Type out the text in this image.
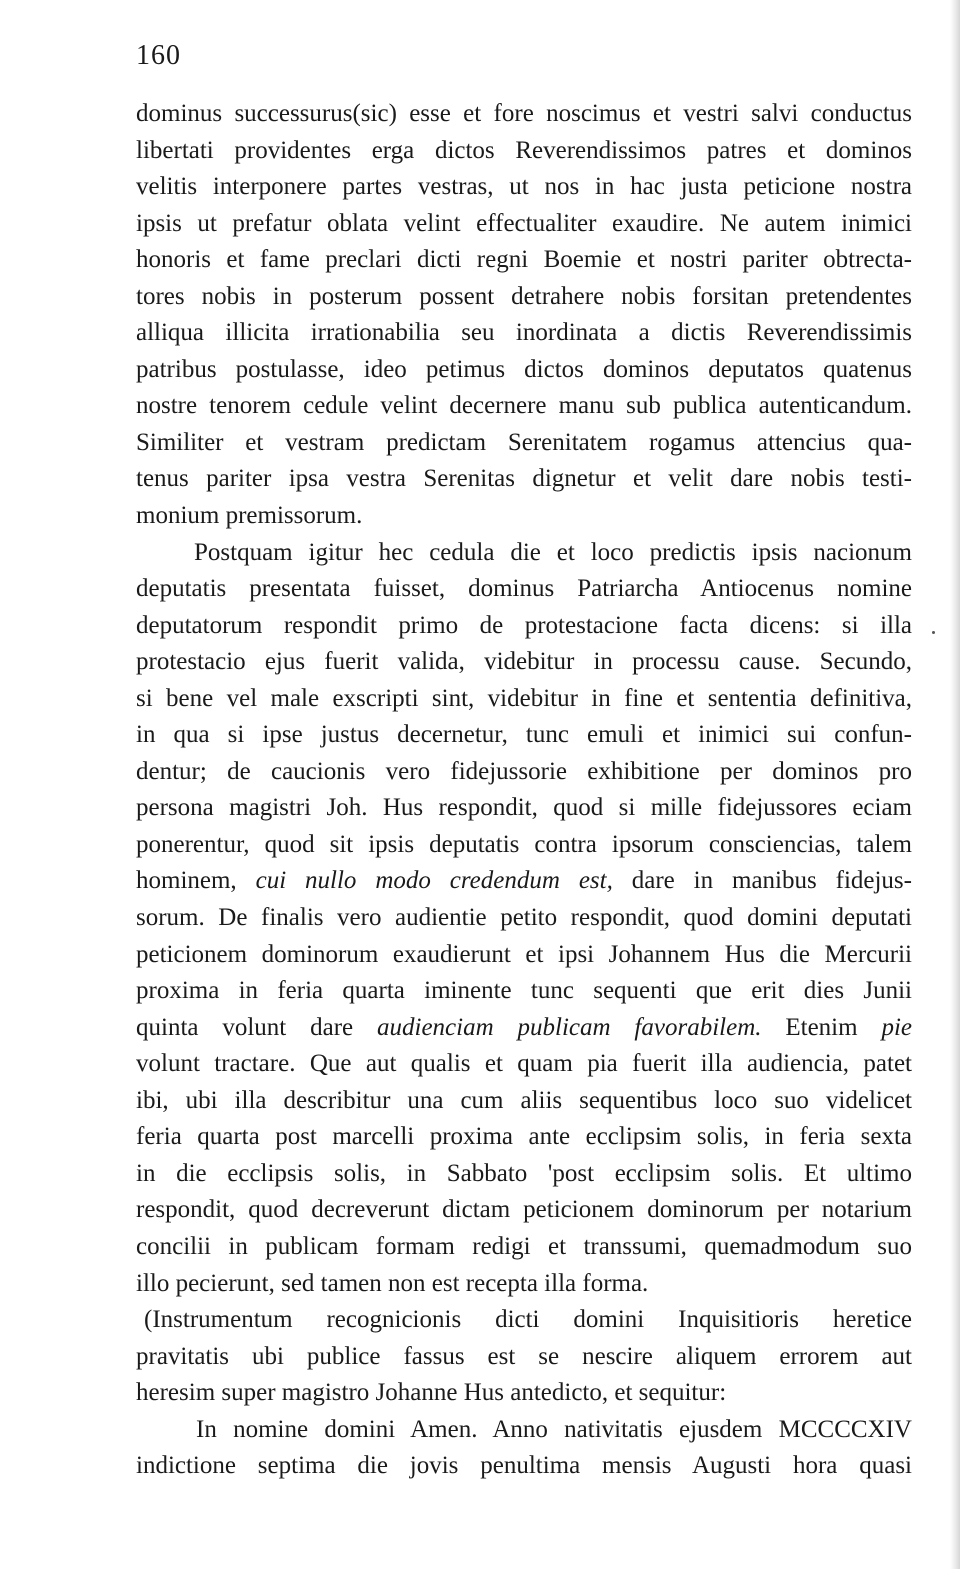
160
dominus successurus(sic) esse et fore noscimus et vestri salvi conductus
libertati providentes erga dictos Reverendissimos patres et dominos
velitis interponere partes vestras, ut nos in hac justa peticione nostra
ipsis ut prefatur oblata velint effectualiter exaudire. Ne autem inimici
honoris et fame preclari dicti regni Boemie et nostri pariter obtrecta-
tores nobis in posterum possent detrahere nobis forsitan pretendentes
alliqua illicita irrationabilia seu inordinata a dictis Reverendissimis
patribus postulasse, ideo petimus dictos dominos deputatos quatenus
nostre tenorem cedule velint decernere manu sub publica autenticandum.
Similiter et vestram predictam Serenitatem rogamus attencius qua-
tenus pariter ipsa vestra Serenitas dignetur et velit dare nobis testi-
monium premissorum.
Postquam igitur hec cedula die et loco predictis ipsis nacionum
deputatis presentata fuisset, dominus Patriarcha Antiocenus nomine
deputatorum respondit primo de protestacione facta dicens: si illa
protestacio ejus fuerit valida, videbitur in processu cause. Secundo,
si bene vel male exscripti sint, videbitur in fine et sententia definitiva,
in qua si ipse justus decernetur, tunc emuli et inimici sui confun-
dentur; de caucionis vero fidejussorie exhibitione per dominos pro
persona magistri Joh. Hus respondit, quod si mille fidejussores eciam
ponerentur, quod sit ipsis deputatis contra ipsorum consciencias, talem
hominem, cui nullo modo credendum est, dare in manibus fidejus-
sorum. De finalis vero audientie petito respondit, quod domini deputati
peticionem dominorum exaudierunt et ipsi Johannem Hus die Mercurii
proxima in feria quarta iminente tunc sequenti que erit dies Junii
quinta volunt dare audienciam publicam favorabilem. Etenim pie
volunt tractare. Que aut qualis et quam pia fuerit illa audiencia, patet
ibi, ubi illa describitur una cum aliis sequentibus loco suo videlicet
feria quarta post marcelli proxima ante ecclipsim solis, in feria sexta
in die ecclipsis solis, in Sabbato 'post ecclipsim solis. Et ultimo
respondit, quod decreverunt dictam peticionem dominorum per notarium
concilii in publicam formam redigi et transsumi, quemadmodum suo
illo pecierunt, sed tamen non est recepta illa forma.
(Instrumentum recognicionis dicti domini Inquisitioris heretice
pravitatis ubi publice fassus est se nescire aliquem errorem aut
heresim super magistro Johanne Hus antedicto, et sequitur:
In nomine domini Amen. Anno nativitatis ejusdem MCCCCXIV
indictione septima die jovis penultima mensis Augusti hora quasi
